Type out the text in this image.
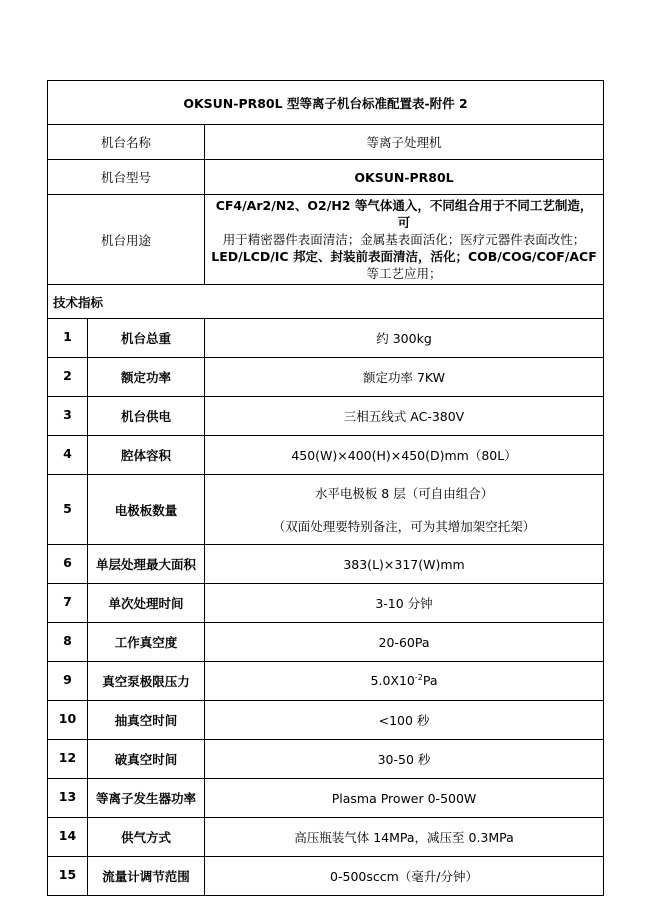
OKSUN-PR80L 型等离子机台标准配置表-附件 2		
机台名称		等离子处理机
机台型号		OKSUN-PR80L
机台用途		CF4/Ar2/N2、O2/H2 等气体通入，不同组合用于不同工艺制造，可
用于精密器件表面清洁；金属基表面活化；医疗元器件表面改性；
LED/LCD/IC 邦定、封装前表面清洁，活化；COB/COG/COF/ACF
等工艺应用；

技术指标		
1	机台总重	约 300kg
2	额定功率	额定功率 7KW
3	机台供电	三相五线式 AC-380V
4	腔体容积	450(W)×400(H)×450(D)mm（80L）
5	电极板数量	水平电极板 8 层（可自由组合）
（双面处理要特别备注，可为其增加架空托架）

6	单层处理最大面积	383(L)×317(W)mm
7	单次处理时间	3-10 分钟
8	工作真空度	20-60Pa
9	真空泵极限压力	$5.0X10^{-2}Pa$
10	抽真空时间	<100 秒
12	破真空时间	30-50 秒
13	等离子发生器功率	Plasma Prower 0-500W
14	供气方式	高压瓶装气体 14MPa，减压至 0.3MPa
15	流量计调节范围	0-500sccm（毫升/分钟）
